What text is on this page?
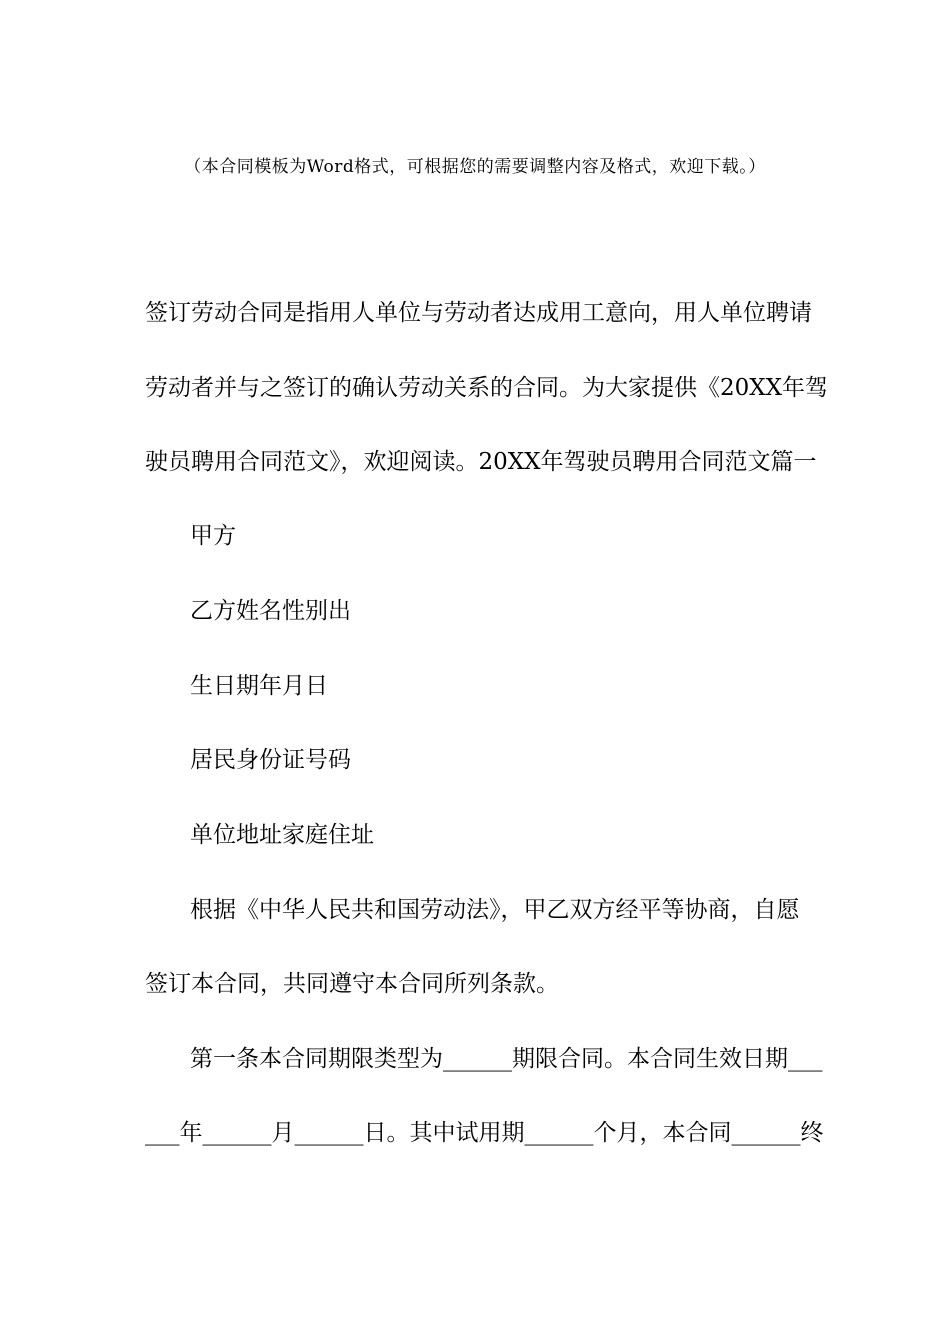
（本合同模板为Word格式，可根据您的需要调整内容及格式，欢迎下载。）
签订劳动合同是指用人单位与劳动者达成用工意向，用人单位聘请
劳动者并与之签订的确认劳动关系的合同。为大家提供《20XX年驾
驶员聘用合同范文》，欢迎阅读。20XX年驾驶员聘用合同范文篇一
甲方
乙方姓名性别出
生日期年月日
居民身份证号码
单位地址家庭住址
根据《中华人民共和国劳动法》，甲乙双方经平等协商，自愿
签订本合同，共同遵守本合同所列条款。
第一条本合同期限类型为______期限合同。本合同生效日期___
___年______月______日。其中试用期______个月，本合同______终
